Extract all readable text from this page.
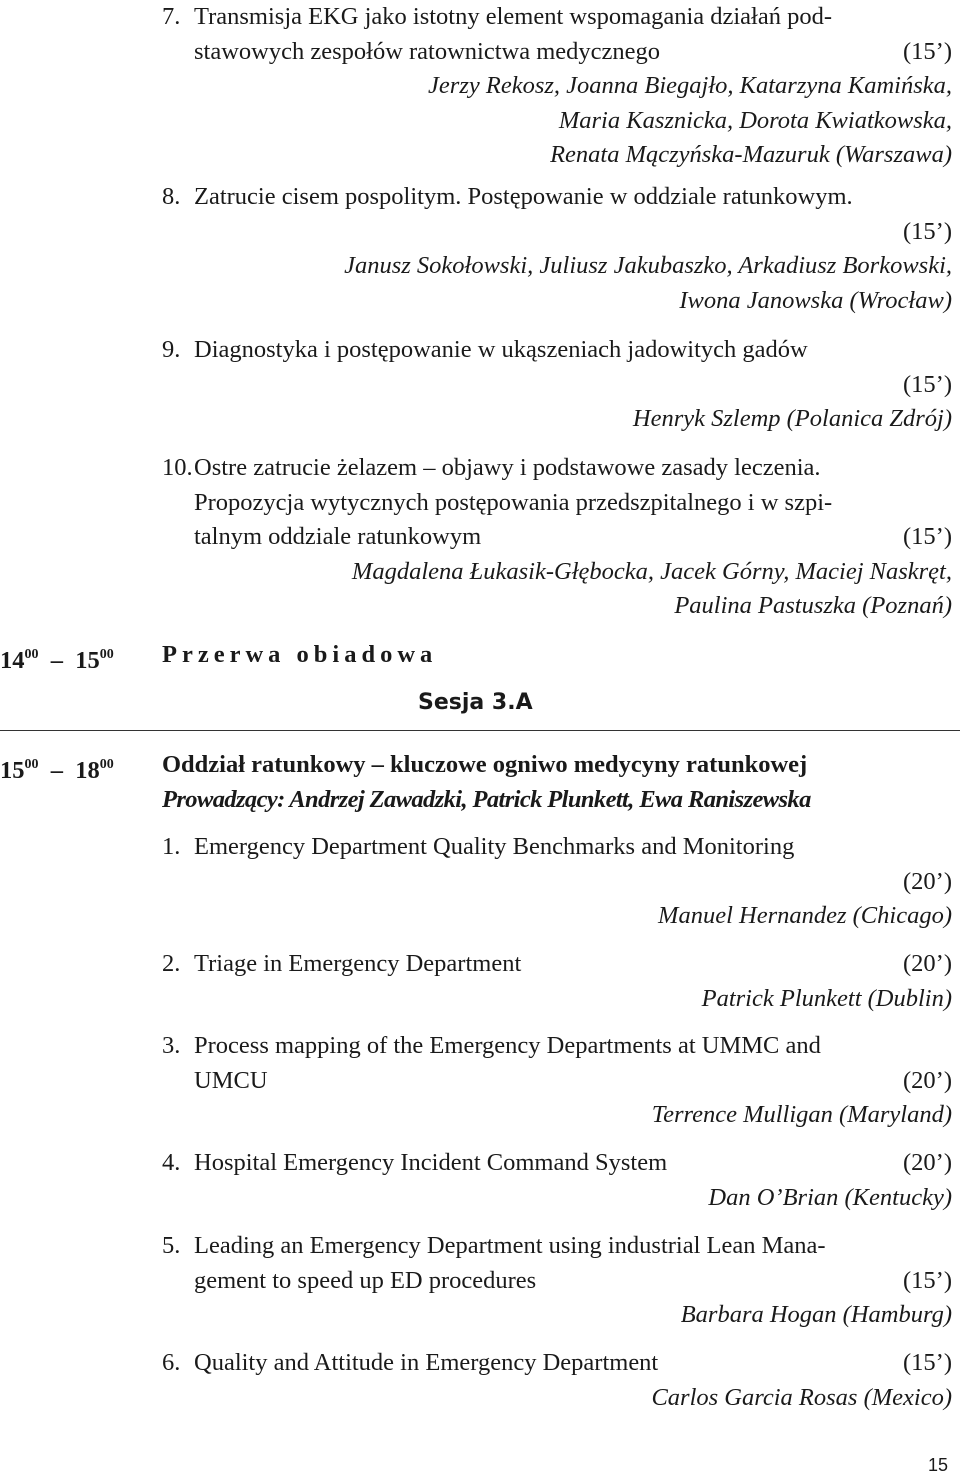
7. Transmisja EKG jako istotny element wspomagania działań pod-
stawowych zespołów ratownictwa medycznego	(15’)
Jerzy Rekosz, Joanna Biegajło, Katarzyna Kamińska,
Maria Kasznicka, Dorota Kwiatkowska,
Renata Mączyńska-Mazuruk (Warszawa)
8. Zatrucie cisem pospolitym. Postępowanie w oddziale ratunkowym.
(15’)
Janusz Sokołowski, Juliusz Jakubaszko, Arkadiusz Borkowski,
Iwona Janowska (Wrocław)
9. Diagnostyka i postępowanie w ukąszeniach jadowitych gadów
(15’)
Henryk Szlemp (Polanica Zdrój)
10.Ostre zatrucie żelazem – objawy i podstawowe zasady leczenia.
Propozycja wytycznych postępowania przedszpitalnego i w szpi-
talnym oddziale ratunkowym	(15’)
Magdalena Łukasik-Głębocka, Jacek Górny, Maciej Naskręt,
Paulina Pastuszka (Poznań)
$14^{00} - 15^{00}$ Przerwa obiadowa
Sesja 3.A
$15^{00} - 18^{00}$ Oddział ratunkowy – kluczowe ogniwo medycyny ratunkowej
Prowadzący: Andrzej Zawadzki, Patrick Plunkett, Ewa Raniszewska
1. Emergency Department Quality Benchmarks and Monitoring
(20’)
Manuel Hernandez (Chicago)
2. Triage in Emergency Department	(20’)
Patrick Plunkett (Dublin)
3. Process mapping of the Emergency Departments at UMMC and
UMCU	(20’)
Terrence Mulligan (Maryland)
4. Hospital Emergency Incident Command System	(20’)
Dan O’Brian (Kentucky)
5. Leading an Emergency Department using industrial Lean Mana-
gement to speed up ED procedures	(15’)
Barbara Hogan (Hamburg)
6. Quality and Attitude in Emergency Department	(15’)
Carlos Garcia Rosas (Mexico)
15
